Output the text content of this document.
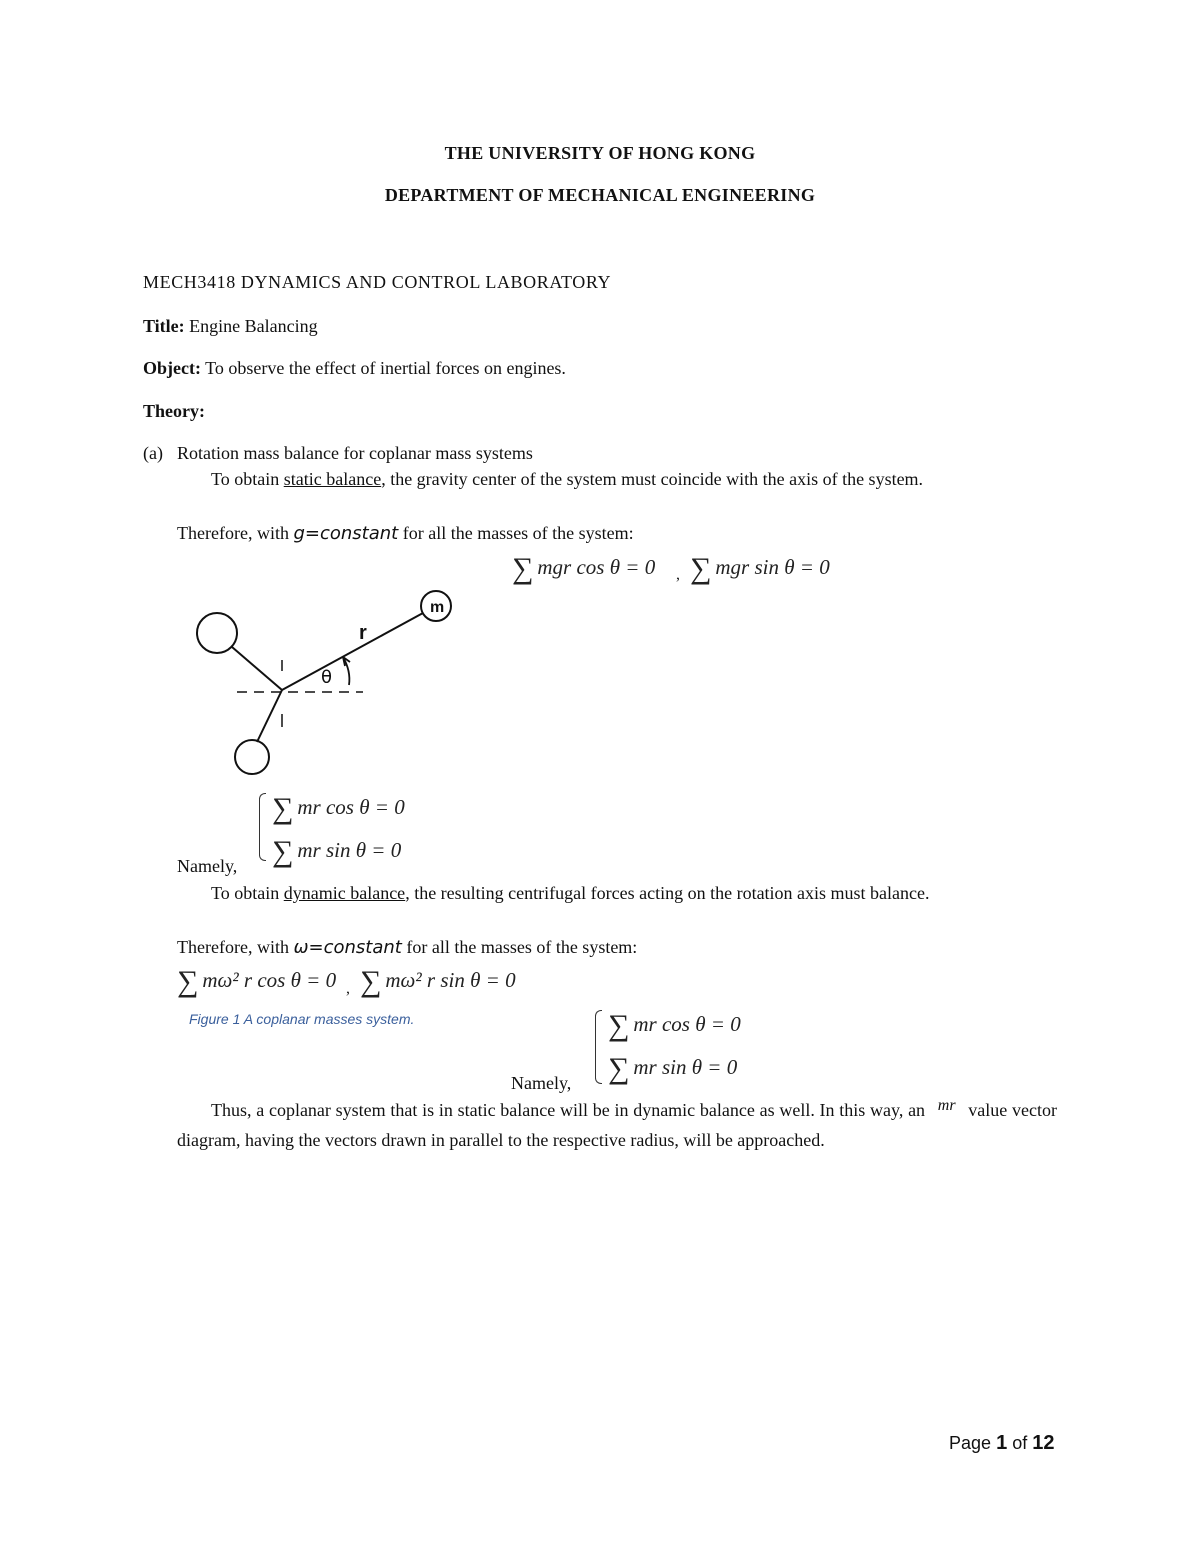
THE UNIVERSITY OF HONG KONG
DEPARTMENT OF MECHANICAL ENGINEERING
MECH3418 DYNAMICS AND CONTROL LABORATORY
Title: Engine Balancing
Object: To observe the effect of inertial forces on engines.
Theory:
(a) Rotation mass balance for coplanar mass systems
To obtain static balance, the gravity center of the system must coincide with the axis of the system.
Therefore, with g=constant for all the masses of the system:
∑ mgr cos θ = 0 , ∑ mgr sin θ = 0
m
r
θ
∑ mr cos θ = 0
∑ mr sin θ = 0
Namely,
To obtain dynamic balance, the resulting centrifugal forces acting on the rotation axis must balance.
Therefore, with ω=constant for all the masses of the system:
∑ mω² r cos θ = 0 , ∑ mω² r sin θ = 0
Figure 1 A coplanar masses system.	∑ mr cos θ = 0
∑ mr sin θ = 0
Namely,
Thus, a coplanar system that is in static balance will be in dynamic balance as well. In this way, an mr value vector diagram, having the vectors drawn in parallel to the respective radius, will be approached.
Page 1 of 12
